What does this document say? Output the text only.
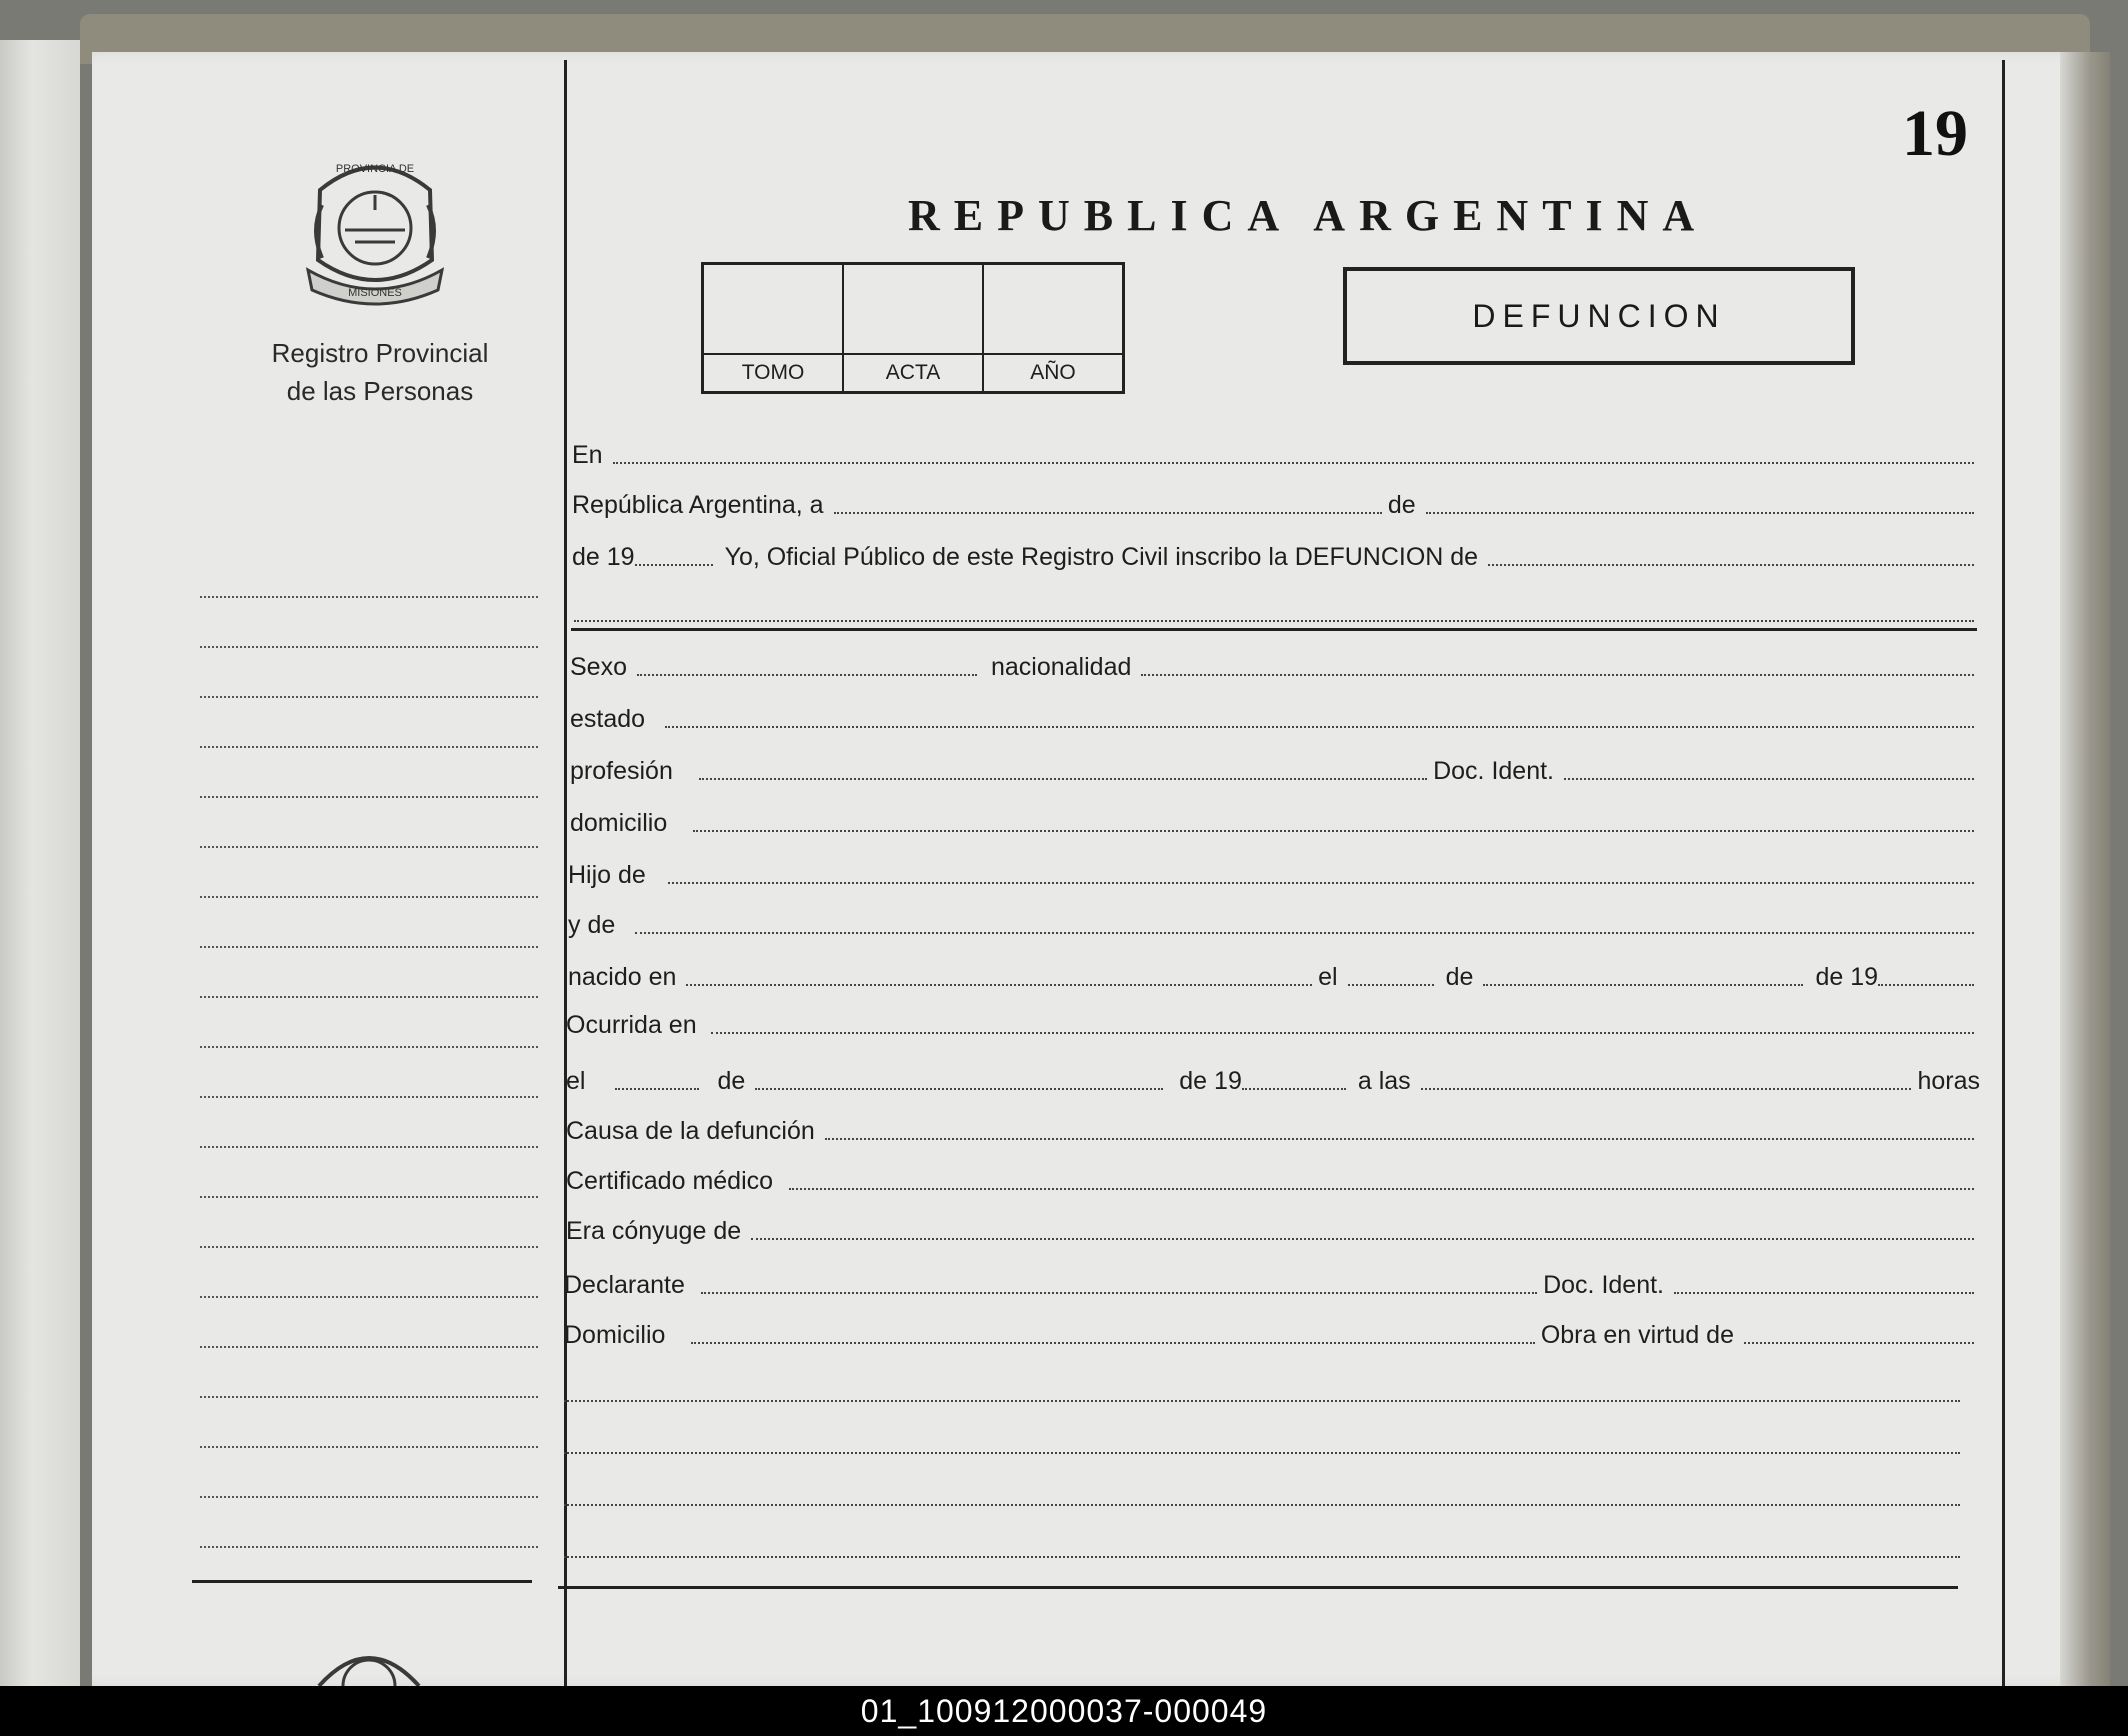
PROVINCIA DE
MISIONES
Registro Provincial
de las Personas
19
REPUBLICA ARGENTINA
TOMO	ACTA	AÑO
DEFUNCION
En
República Argentina, a	de
de 19	Yo, Oficial Público de este Registro Civil inscribo la DEFUNCION de
Sexo	nacionalidad
estado
profesión	Doc. Ident.
domicilio
Hijo de
y de
nacido en	el	de	de 19
Ocurrida en
el	de	de 19	a las	horas
Causa de la defunción
Certificado médico
Era cónyuge de
Declarante	Doc. Ident.
Domicilio	Obra en virtud de
01_100912000037-000049
